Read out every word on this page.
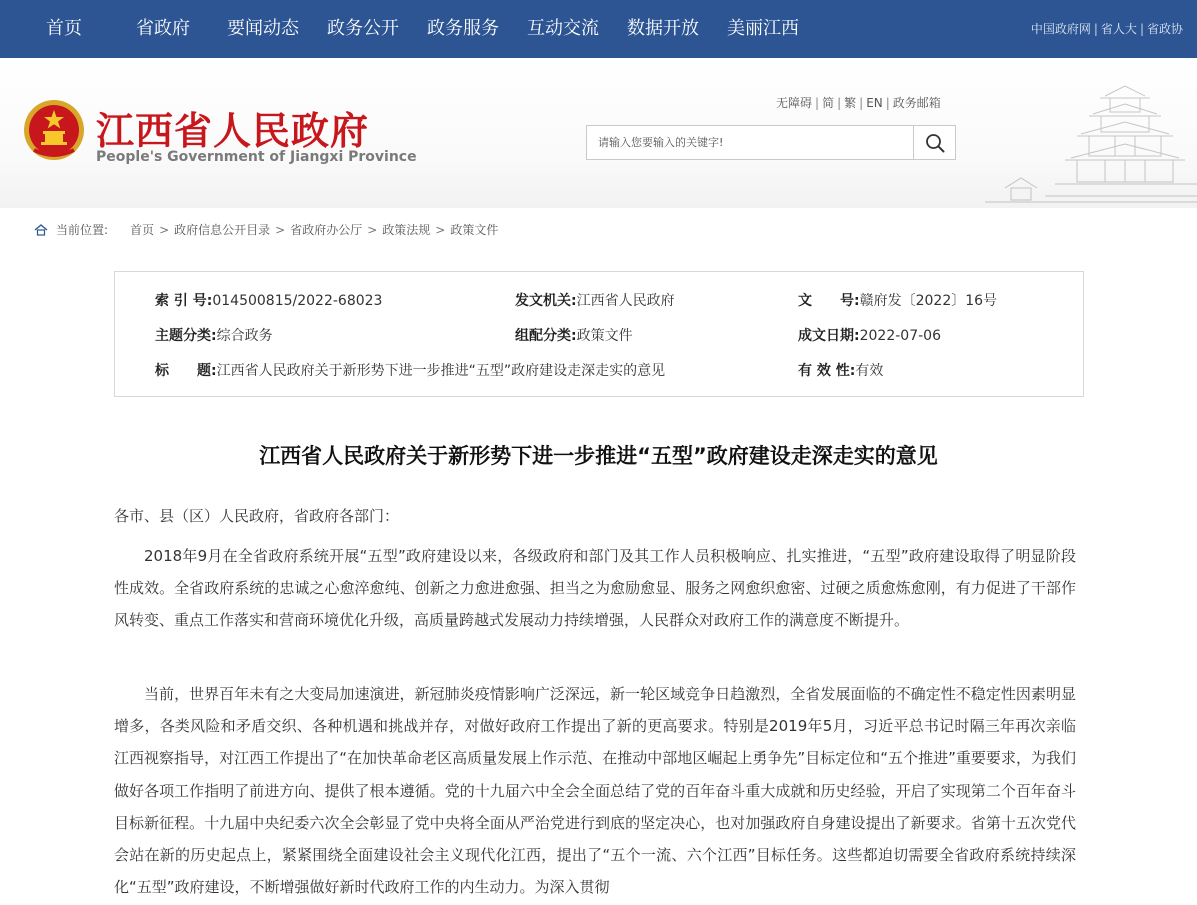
首页	省政府 要闻动态 政务公开 政务服务 互动交流 数据开放 美丽江西	中国政府网 | 省人大 | 省政协
江西省人民政府
People's Government of Jiangxi Province
无障碍 | 简 | 繁 | EN | 政务邮箱
请输入您要输入的关键字!
当前位置: 首页 > 政府信息公开目录 > 省政府办公厅 > 政策法规 > 政策文件
索 引 号:014500815/2022-68023	发文机关:江西省人民政府	文　　号:赣府发〔2022〕16号
主题分类:综合政务	组配分类:政策文件	成文日期:2022-07-06
标　　题:江西省人民政府关于新形势下进一步推进“五型”政府建设走深走实的意见	有 效 性:有效
江西省人民政府关于新形势下进一步推进“五型”政府建设走深走实的意见
各市、县（区）人民政府，省政府各部门：

2018年9月在全省政府系统开展“五型”政府建设以来，各级政府和部门及其工作人员积极响应、扎实推进，“五型”政府建设取得了明显阶段性成效。全省政府系统的忠诚之心愈淬愈纯、创新之力愈进愈强、担当之为愈励愈显、服务之网愈织愈密、过硬之质愈炼愈刚，有力促进了干部作风转变、重点工作落实和营商环境优化升级，高质量跨越式发展动力持续增强，人民群众对政府工作的满意度不断提升。

当前，世界百年未有之大变局加速演进，新冠肺炎疫情影响广泛深远，新一轮区域竞争日趋激烈，全省发展面临的不确定性不稳定性因素明显增多，各类风险和矛盾交织、各种机遇和挑战并存，对做好政府工作提出了新的更高要求。特别是2019年5月，习近平总书记时隔三年再次亲临江西视察指导，对江西工作提出了“在加快革命老区高质量发展上作示范、在推动中部地区崛起上勇争先”目标定位和“五个推进”重要要求，为我们做好各项工作指明了前进方向、提供了根本遵循。党的十九届六中全会全面总结了党的百年奋斗重大成就和历史经验，开启了实现第二个百年奋斗目标新征程。十九届中央纪委六次全会彰显了党中央将全面从严治党进行到底的坚定决心，也对加强政府自身建设提出了新要求。省第十五次党代会站在新的历史起点上，紧紧围绕全面建设社会主义现代化江西，提出了“五个一流、六个江西”目标任务。这些都迫切需要全省政府系统持续深化“五型”政府建设，不断增强做好新时代政府工作的内生动力。为深入贯彻
